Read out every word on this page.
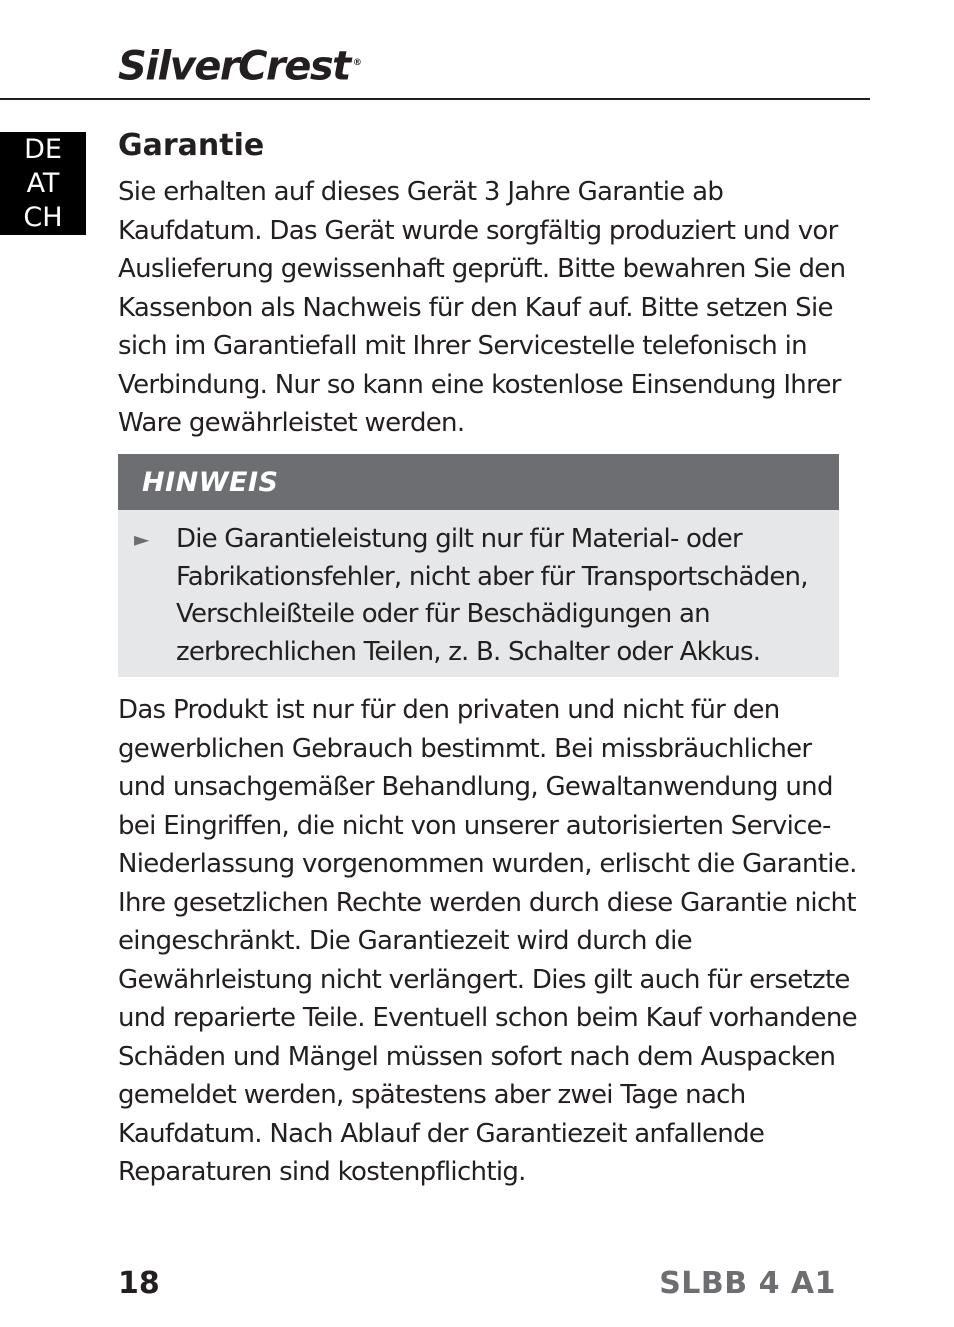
SilverCrest ®
DE
AT
CH
Garantie

Sie erhalten auf dieses Gerät 3 Jahre Garantie ab Kaufdatum. Das Gerät wurde sorgfältig produziert und vor Auslieferung gewissenhaft geprüft. Bitte bewahren Sie den Kassenbon als Nachweis für den Kauf auf. Bitte setzen Sie sich im Garantiefall mit Ihrer Servicestelle telefonisch in Verbindung. Nur so kann eine kostenlose Einsendung Ihrer Ware gewährleistet werden.

HINWEIS
► Die Garantieleistung gilt nur für Material- oder Fabrikationsfehler, nicht aber für Transportschäden, Verschleißteile oder für Beschädigungen an zerbrechlichen Teilen, z. B. Schalter oder Akkus.

Das Produkt ist nur für den privaten und nicht für den gewerblichen Gebrauch bestimmt. Bei missbräuchlicher und unsachgemäßer Behandlung, Gewaltanwendung und bei Eingriffen, die nicht von unserer autorisierten Service-Niederlassung vorgenommen wurden, erlischt die Garantie. Ihre gesetzlichen Rechte werden durch diese Garantie nicht eingeschränkt. Die Garantiezeit wird durch die Gewährleistung nicht verlängert. Dies gilt auch für ersetzte und reparierte Teile. Eventuell schon beim Kauf vorhandene Schäden und Mängel müssen sofort nach dem Auspacken gemeldet werden, spätestens aber zwei Tage nach Kaufdatum. Nach Ablauf der Garantiezeit anfallende Reparaturen sind kostenpflichtig.

18	SLBB 4 A1
